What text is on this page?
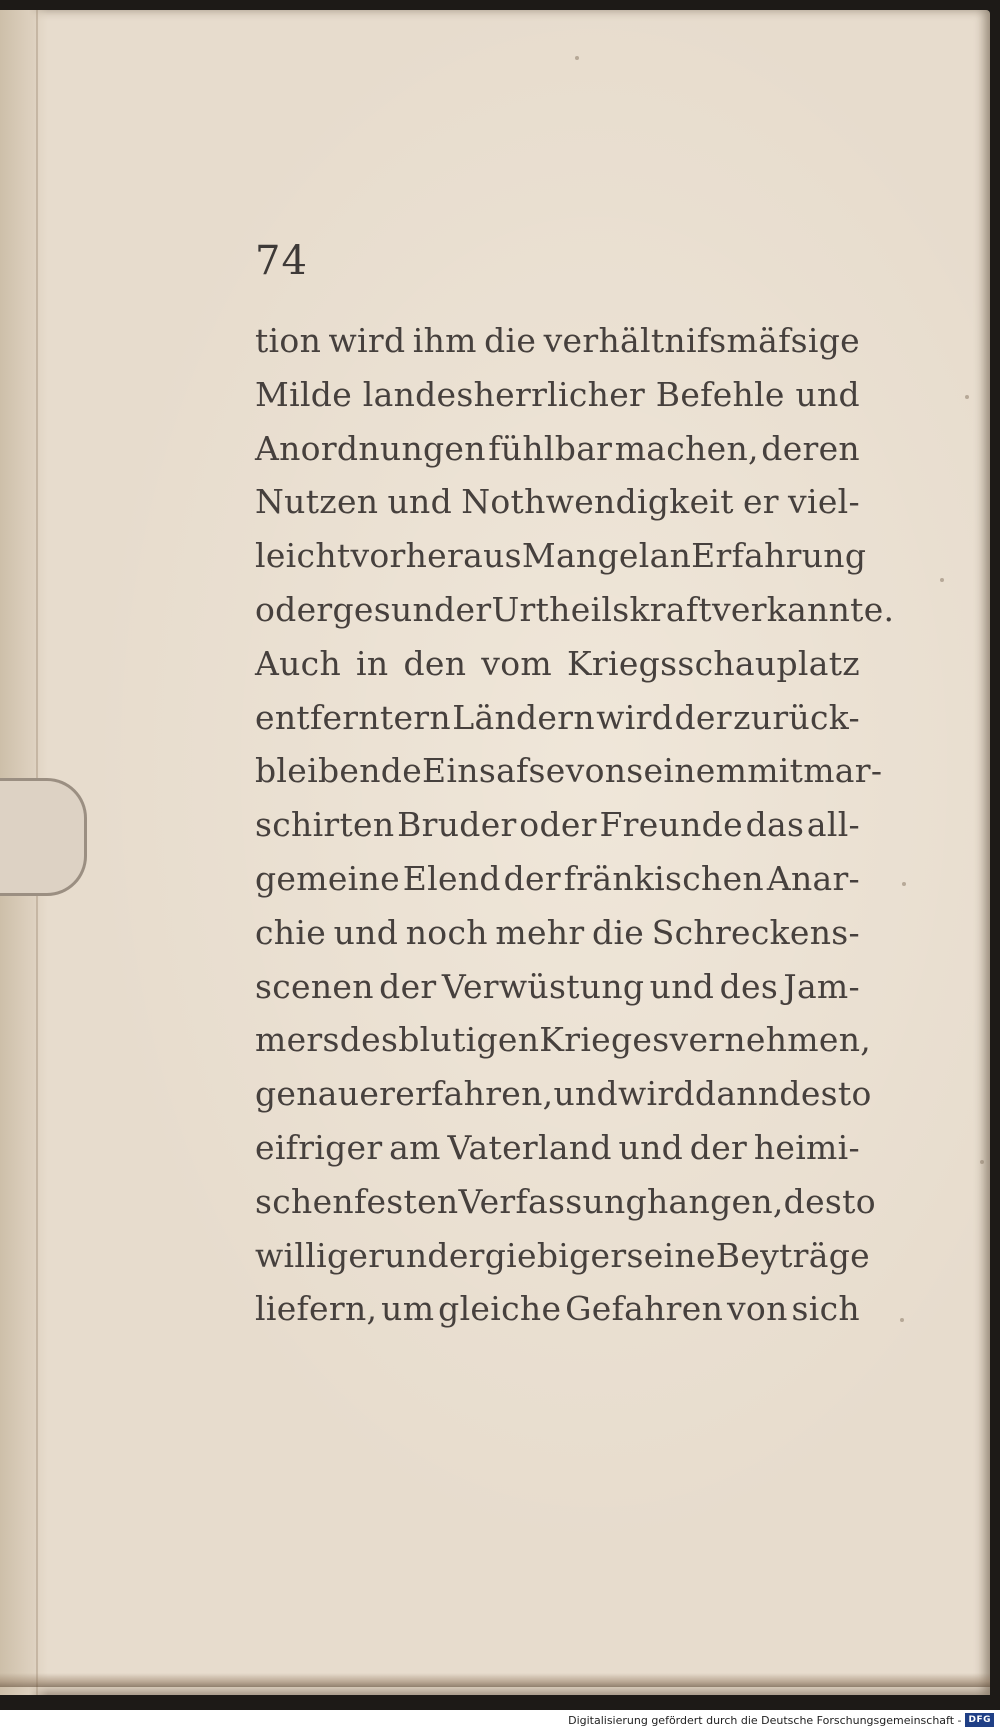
74
tion wird ihm die verhältnifsmäfsige
Milde landesherrlicher Befehle und
Anordnungen fühlbar machen, deren
Nutzen und Nothwendigkeit er viel-
leicht vorher aus Mangel an Erfahrung
oder gesunder Urtheilskraft verkannte.
Auch in den vom Kriegsschauplatz
entferntern Ländern wird der zurück-
bleibende Einsafse von seinem mitmar-
schirten Bruder oder Freunde das all-
gemeine Elend der fränkischen Anar-
chie und noch mehr die Schreckens-
scenen der Verwüstung und des Jam-
mers des blutigen Krieges vernehmen,
genauer erfahren, und wird dann desto
eifriger am Vaterland und der heimi-
schen festen Verfassung hangen, desto
williger und ergiebiger seine Beyträge
liefern, um gleiche Gefahren von sich
Digitalisierung gefördert durch die Deutsche Forschungsgemeinschaft - DFG
